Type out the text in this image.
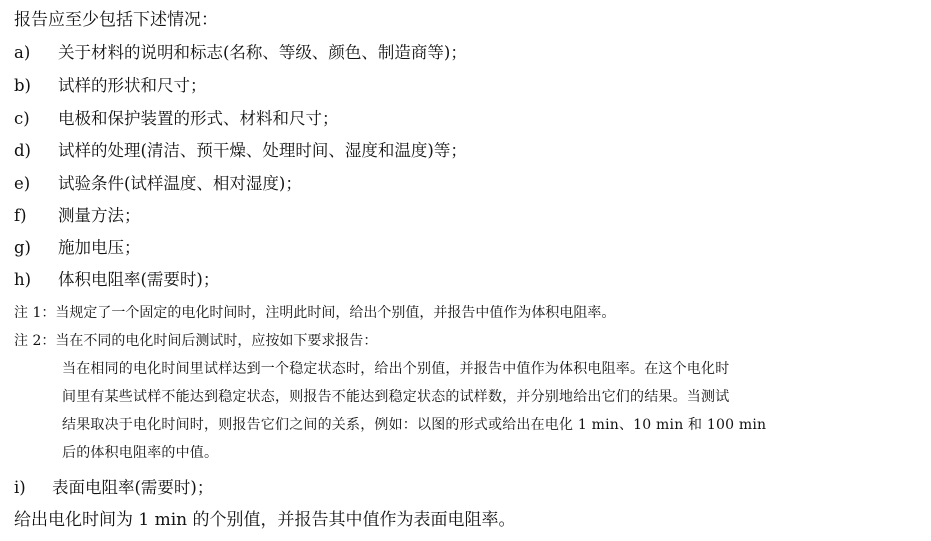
报告应至少包括下述情况：
a)	关于材料的说明和标志(名称、等级、颜色、制造商等)；
b)	试样的形状和尺寸；
c)	电极和保护装置的形式、材料和尺寸；
d)	试样的处理(清洁、预干燥、处理时间、湿度和温度)等；
e)	试验条件(试样温度、相对湿度)；
f)	测量方法；
g)	施加电压；
h)	体积电阻率(需要时)；
注 1：当规定了一个固定的电化时间时，注明此时间，给出个别值，并报告中值作为体积电阻率。
注 2：当在不同的电化时间后测试时，应按如下要求报告：
当在相同的电化时间里试样达到一个稳定状态时，给出个别值，并报告中值作为体积电阻率。在这个电化时
间里有某些试样不能达到稳定状态，则报告不能达到稳定状态的试样数，并分别地给出它们的结果。当测试
结果取决于电化时间时，则报告它们之间的关系，例如：以图的形式或给出在电化 1 min、10 min 和 100 min
后的体积电阻率的中值。
i)	表面电阻率(需要时)；
给出电化时间为 1 min 的个别值，并报告其中值作为表面电阻率。
